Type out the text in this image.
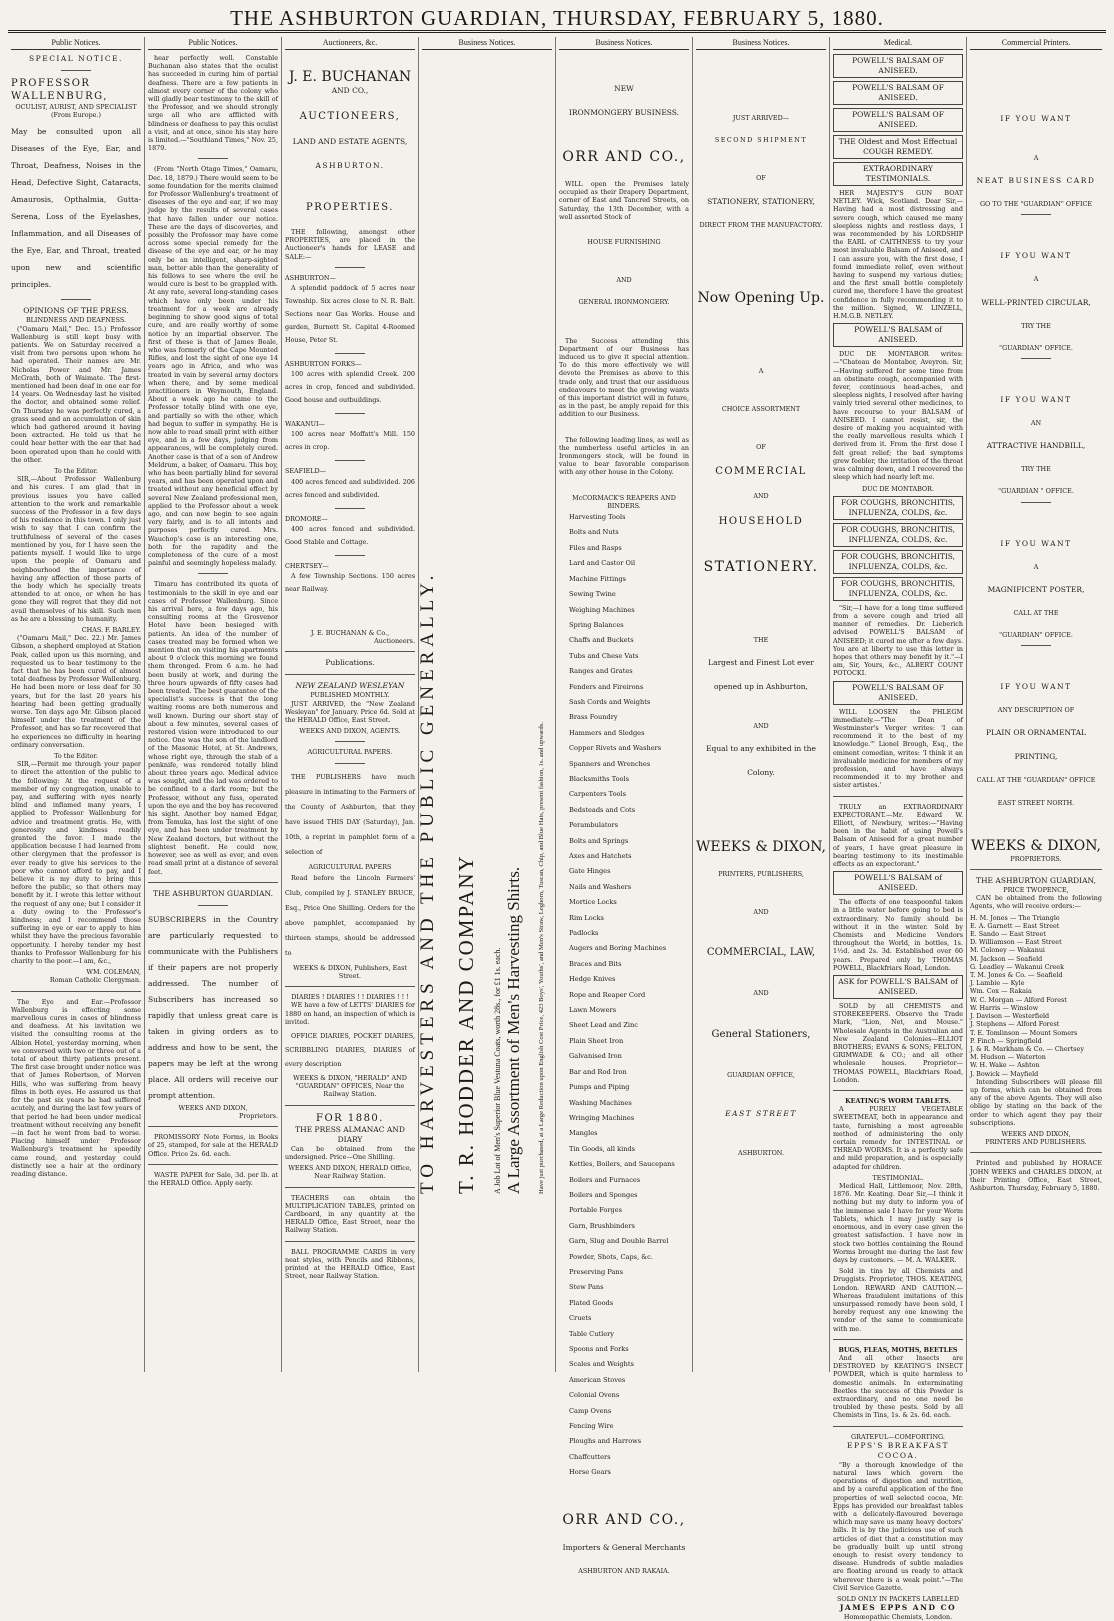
THE ASHBURTON GUARDIAN, THURSDAY, FEBRUARY 5, 1880.
Public Notices.
SPECIAL NOTICE.
PROFESSOR WALLENBURG,
OCULIST, AURIST, AND SPECIALIST
(From Europe.)
May be consulted upon all Diseases of the Eye, Ear, and Throat, Deafness, Noises in the Head, Defective Sight, Cataracts, Amaurosis, Opthalmia, Gutta-Serena, Loss of the Eyelashes, Inflammation, and all Diseases of the Eye, Ear, and Throat, treated upon new and scientific principles.
OPINIONS OF THE PRESS.
BLINDNESS AND DEAFNESS.

("Oamaru Mail," Dec. 15.) Professor Wallenburg is still kept busy with patients. We on Saturday received a visit from two persons upon whom he had operated. Their names are Mr. Nicholas Power and Mr. James McGrath, both of Waimate. The first-mentioned had been deaf in one ear for 14 years. On Wednesday last he visited the doctor, and obtained some relief. On Thursday he was perfectly cured, a grass seed and an accumulation of skin which had gathered around it having been extracted. He told us that he could hear better with the ear that had been operated upon than he could with the other.

To the Editor.

SIR,—About Professor Wallenburg and his cures. I am glad that in previous issues you have called attention to the work and remarkable success of the Professor in a few days of his residence in this town. I only just wish to say that I can confirm the truthfulness of several of the cases mentioned by you, for I have seen the patients myself. I would like to urge upon the people of Oamaru and neighbourhood the importance of having any affection of those parts of the body which he specially treats attended to at once, or when he has gone they will regret that they did not avail themselves of his skill. Such men as he are a blessing to humanity.

CHAS. F. BARLEY.

("Oamaru Mail," Dec. 22.) Mr. James Gibson, a shepherd employed at Station Peak, called upon us this morning, and requested us to bear testimony to the fact that he has been cured of almost total deafness by Professor Wallenburg. He had been more or less deaf for 30 years, but for the last 20 years his hearing had been getting gradually worse. Ten days ago Mr. Gibson placed himself under the treatment of the Professor, and has so far recovered that he experiences no difficulty in hearing ordinary conversation.

To the Editor.

SIR,—Permit me through your paper to direct the attention of the public to the following: At the request of a member of my congregation, unable to pay, and suffering with eyes nearly blind and inflamed many years, I applied to Professor Wallenburg for advice and treatment gratis. He, with generosity and kindness readily granted the favor. I made the application because I had learned from other clergymen that the professor is ever ready to give his services to the poor who cannot afford to pay, and I believe it is my duty to bring this before the public, so that others may benefit by it. I wrote this letter without the request of any one; but I consider it a duty owing to the Professor's kindness; and I recommend those suffering in eye or ear to apply to him whilst they have the precious favorable opportunity. I hereby tender my best thanks to Professor Wallenburg for his charity to the poor.—I am, &c.,

WM. COLEMAN,
Roman Catholic Clergyman.

The Eye and Ear.—Professor Wallenburg is effecting some marvellous cures in cases of blindness and deafness. At his invitation we visited the consulting rooms at the Albion Hotel, yesterday morning, when we conversed with two or three out of a total of about thirty patients present. The first case brought under notice was that of James Robertson, of Morven Hills, who was suffering from heavy films in both eyes. He assured us that for the past six years he had suffered acutely, and during the last few years of that period he had been under medical treatment without receiving any benefit—in fact he went from bad to worse. Placing himself under Professor Wallenburg's treatment he speedily came round, and yesterday could distinctly see a hair at the ordinary reading distance.

Public Notices.

hear perfectly well. Constable Buchanan also states that the oculist has succeeded in curing him of partial deafness. There are a few patients in almost every corner of the colony who will gladly bear testimony to the skill of the Professor, and we should strongly urge all who are afflicted with blindness or deafness to pay this oculist a visit, and at once, since his stay here is limited.—"Southland Times," Nov. 25, 1879.

(From "North Otago Times," Oamaru, Dec. 18, 1879.) There would seem to be some foundation for the merits claimed for Professor Wallenburg's treatment of diseases of the eye and ear, if we may judge by the results of several cases that have fallen under our notice. These are the days of discoveries, and possibly the Professor may have come across some special remedy for the disease of the eye and ear, or he may only be an intelligent, sharp-sighted man, better able than the generality of his fellows to see where the evil he would cure is best to be grappled with. At any rate, several long-standing cases which have only been under his treatment for a week are already beginning to show good signs of total cure, and are really worthy of some notice by an impartial observer. The first of these is that of James Beale, who was formerly of the Cape Mounted Rifles, and lost the sight of one eye 14 years ago in Africa, and who was treated in vain by several army doctors when there, and by some medical practitioners in Weymouth, England. About a week ago he came to the Professor totally blind with one eye, and partially so with the other, which had begun to suffer in sympathy. He is now able to read small print with either eye, and in a few days, judging from appearances, will be completely cured. Another case is that of a son of Andrew Meldrum, a baker, of Oamaru. This boy, who has been partially blind for several years, and has been operated upon and treated without any beneficial effect by several New Zealand professional men, applied to the Professor about a week ago, and can now begin to see again very fairly, and is to all intents and purposes perfectly cured. Mrs. Wauchop's case is an interesting one, both for the rapidity and the completeness of the cure of a most painful and seemingly hopeless malady.

Timaru has contributed its quota of testimonials to the skill in eye and ear cases of Professor Wallenburg. Since his arrival here, a few days ago, his consulting rooms at the Grosvenor Hotel have been besieged with patients. An idea of the number of cases treated may be formed when we mention that on visiting his apartments about 9 o'clock this morning we found them thronged. From 6 a.m. he had been busily at work, and during the three hours upwards of fifty cases had been treated. The best guarantee of the specialist's success is that the long waiting rooms are both numerous and well known. During our short stay of about a few minutes, several cases of restored vision were introduced to our notice. One was the son of the landlord of the Masonic Hotel, at St. Andrews, whose right eye, through the stab of a penknife, was rendered totally blind about three years ago. Medical advice was sought, and the lad was ordered to be confined to a dark room; but the Professor, without any fuss, operated upon the eye and the boy has recovered his sight. Another boy named Edgar, from Temuka, has lost the sight of one eye, and has been under treatment by New Zealand doctors, but without the slightest benefit. He could now, however, see as well as ever, and even read small print at a distance of several feet.

THE ASHBURTON GUARDIAN.
SUBSCRIBERS in the Country are particularly requested to communicate with the Publishers if their papers are not properly addressed. The number of Subscribers has increased so rapidly that unless great care is taken in giving orders as to address and how to be sent, the papers may be left at the wrong place. All orders will receive our prompt attention.
WEEKS AND DIXON,
Proprietors.

PROMISSORY Note Forms, in Books of 25, stamped, for sale at the HERALD Office. Price 2s. 6d. each.

WASTE PAPER for Sale, 3d. per lb. at the HERALD Office. Apply early.

Auctioneers, &c.
J. E. BUCHANAN
AND CO.,
AUCTIONEERS,
LAND AND ESTATE AGENTS,
ASHBURTON.
PROPERTIES.

THE following, amongst other PROPERTIES, are placed in the Auctioneer's hands for LEASE and SALE:—

ASHBURTON—

A splendid paddock of 5 acres near Township. Six acres close to N. R. Balt. Sections near Gas Works. House and garden, Burnett St. Capital 4-Roomed House, Peter St.

ASHBURTON FORKS—

100 acres with splendid Creek. 200 acres in crop, fenced and subdivided. Good house and outbuildings.

WAKANUI—

100 acres near Moffatt's Mill. 150 acres in crop.

SEAFIELD—

400 acres fenced and subdivided. 206 acres fenced and subdivided.

DROMORE—

400 acres fenced and subdivided. Good Stable and Cottage.

CHERTSEY—

A few Township Sections. 150 acres near Railway.

J. E. BUCHANAN & Co.,
Auctioneers.
Publications.
NEW ZEALAND WESLEYAN
PUBLISHED MONTHLY.

JUST ARRIVED, the "New Zealand Wesleyan" for January. Price 6d. Sold at the HERALD Office, East Street.

WEEKS AND DIXON, AGENTS.
AGRICULTURAL PAPERS.

THE PUBLISHERS have much pleasure in intimating to the Farmers of the County of Ashburton, that they have issued THIS DAY (Saturday), Jan. 10th, a reprint in pamphlet form of a selection of

AGRICULTURAL PAPERS

Read before the Lincoln Farmers' Club, compiled by J. STANLEY BRUCE, Esq., Price One Shilling. Orders for the above pamphlet, accompanied by thirteen stamps, should be addressed to

WEEKS & DIXON, Publishers, East Street.
DIARIES ! DIARIES ! ! DIARIES ! ! !

WE have a few of LETTS' DIARIES for 1880 on hand, an inspection of which is invited.

OFFICE DIARIES, POCKET DIARIES, SCRIBBLING DIARIES, DIARIES of every description

WEEKS & DIXON, "HERALD" AND "GUARDIAN" OFFICES, Near the Railway Station.
FOR 1880.
THE PRESS ALMANAC AND DIARY

Can be obtained from the undersigned. Price—One Shilling.

WEEKS AND DIXON, HERALD Office, Near Railway Station.

TEACHERS can obtain the MULTIPLICATION TABLES, printed on Cardboard, in any quantity at the HERALD Office, East Street, near the Railway Station.

BALL PROGRAMME CARDS in very neat styles, with Pencils and Ribbons, printed at the HERALD Office, East Street, near Railway Station.

Business Notices.
TO HARVESTERS AND THE PUBLIC GENERALLY. T. R. HODDER AND COMPANY A Job Lot of Men's Superior Blue Vestuna Coats, worth 28s., for £1 1s. each. A Large Assortment of Men's Harvesting Shirts. Have just purchased, at a Large Reduction upon English Cost Price, 423 Boys', Youths', and Men's Straw, Leghorn, Tuscan, Chip, and Blue Hats, present fashion, 1s. and upwards.
Business Notices.
NEW
IRONMONGERY BUSINESS.
ORR AND CO.,

WILL open the Premises lately occupied as their Drapery Department, corner of East and Tancred Streets, on Saturday, the 13th December, with a well assorted Stock of

HOUSE FURNISHING
AND
GENERAL IRONMONGERY.

The Success attending this Department of our Business has induced us to give it special attention. To do this more effectively we will devote the Premises as above to this trade only, and trust that our assiduous endeavours to meet the growing wants of this important district will in future, as in the past, be amply repaid for this addition to our Business.

The following leading lines, as well as the numberless useful articles in an Ironmongers stock, will be found in value to bear favorable comparison with any other house in the Colony.

McCORMACK'S REAPERS AND BINDERS.
Harvesting Tools
Bolts and Nuts
Files and Rasps
Lard and Castor Oil
Machine Fittings
Sewing Twine
Weighing Machines
Spring Balances
Chaffs and Buckets
Tubs and Chese Vats
Ranges and Grates
Fenders and Fireirons
Sash Cords and Weights
Brass Foundry
Hammers and Sledges
Copper Rivets and Washers
Spanners and Wrenches
Blacksmiths Tools
Carpenters Tools
Bedsteads and Cots
Perambulators
Bolts and Springs
Axes and Hatchets
Gate Hinges
Nails and Washers
Mortice Locks
Rim Locks
Padlocks
Augers and Boring Machines
Braces and Bits
Hedge Knives
Rope and Reaper Cord
Lawn Mowers
Sheet Lead and Zinc
Plain Sheet Iron
Galvanised Iron
Bar and Rod Iron
Pumps and Piping
Washing Machines
Wringing Machines
Mangles
Tin Goods, all kinds
Kettles, Boilers, and Saucepans
Boilers and Furnaces
Boilers and Sponges
Portable Forges
Garn, Brushbinders
Garn, Slug and Double Barrel
Powder, Shots, Caps, &c.
Preserving Pans
Stew Pans
Plated Goods
Cruets
Table Cutlery
Spoons and Forks
Scales and Weights
American Stoves
Colonial Ovens
Camp Ovens
Fencing Wire
Ploughs and Harrows
Chaffcutters
Horse Gears
ORR AND CO.,
Importers & General Merchants
ASHBURTON AND RAKAIA.
Business Notices.
JUST ARRIVED—
SECOND SHIPMENT
OF
STATIONERY, STATIONERY,
DIRECT FROM THE MANUFACTORY.
Now Opening Up.
A
CHOICE ASSORTMENT
OF
COMMERCIAL
AND
HOUSEHOLD
STATIONERY.
THE
Largest and Finest Lot ever
opened up in Ashburton,
AND
Equal to any exhibited in the
Colony.
WEEKS & DIXON,
PRINTERS, PUBLISHERS,
AND
COMMERCIAL, LAW,
AND
General Stationers,
GUARDIAN OFFICE,
EAST STREET
ASHBURTON.
Medical.
POWELL'S BALSAM OF ANISEED.
POWELL'S BALSAM OF ANISEED.
POWELL'S BALSAM OF ANISEED.
THE Oldest and Most Effectual COUGH REMEDY.
EXTRAORDINARY TESTIMONIALS.

HER MAJESTY'S GUN BOAT NETLEY. Wick, Scotland. Dear Sir,—Having had a most distressing and severe cough, which caused me many sleepless nights and restless days, I was recommended by his LORDSHIP the EARL of CAITHNESS to try your most invaluable Balsam of Aniseed, and I can assure you, with the first dose, I found immediate relief, even without having to suspend my various duties; and the first small bottle completely cured me, therefore I have the greatest confidence in fully recommending it to the million. Signed, W. LINZELL, H.M.G.B. NETLEY.

POWELL'S BALSAM of ANISEED.

DUC DE MONTABOR writes:—"Chateau de Montabor, Aveyron. Sir,—Having suffered for some time from an obstinate cough, accompanied with fever, continuous head-aches, and sleepless nights, I resolved after having vainly tried several other medicines, to have recourse to your BALSAM of ANISEED. I cannot resist, sir, the desire of making you acquainted with the really marvellous results which I derived from it. From the first dose I felt great relief; the bad symptoms grew feebler, the irritation of the throat was calming down, and I recovered the sleep which had nearly left me.

DUC DE MONTABOR.
FOR COUGHS, BRONCHITIS, INFLUENZA, COLDS, &c.
FOR COUGHS, BRONCHITIS, INFLUENZA, COLDS, &c.
FOR COUGHS, BRONCHITIS, INFLUENZA, COLDS, &c.
FOR COUGHS, BRONCHITIS, INFLUENZA, COLDS, &c.

"Sir,—I have for a long time suffered from a severe cough and tried all manner of remedies. Dr. Lieberich advised POWELL'S BALSAM of ANISEED; it cured me after a few days. You are at liberty to use this letter in hopes that others may benefit by it."—I am, Sir, Yours, &c., ALBERT COUNT POTOCKI.

POWELL'S BALSAM OF ANISEED.

WILL LOOSEN the PHLEGM immediately.—"The Dean of Westminster's Verger writes: 'I can recommend it to the best of my knowledge.'" Lionel Brough, Esq., the eminent comedian, writes: 'I think it an invaluable medicine for members of my profession, and have always recommended it to my brother and sister artistes.'

TRULY an EXTRAORDINARY EXPECTORANT.—Mr. Edward W. Elliott, of Newbury, writes:—"Having been in the habit of using Powell's Balsam of Aniseed for a great number of years, I have great pleasure in bearing testimony to its inestimable effects as an expectorant."

POWELL'S BALSAM of ANISEED.

The effects of one teaspoonful taken in a little water before going to bed is extraordinary. No family should be without it in the winter. Sold by Chemists and Medicine Vendors throughout the World, in bottles, 1s. 1½d. and 2s. 3d. Established over 60 years. Prepared only by THOMAS POWELL, Blackfriars Road, London.

ASK for POWELL'S BALSAM of ANISEED.

SOLD by all CHEMISTS and STOREKEEPERS. Observe the Trade Mark, "Lion, Net, and Mouse." Wholesale Agents in the Australian and New Zealand Colonies—ELLIOT BROTHERS; EVANS & SONS; FELTON, GRIMWADE & CO.; and all other wholesale houses. Proprietor—THOMAS POWELL, Blackfriars Road, London.

KEATING'S WORM TABLETS.

A PURELY VEGETABLE SWEETMEAT, both in appearance and taste, furnishing a most agreeable method of administering the only certain remedy for INTESTINAL or THREAD WORMS. It is a perfectly safe and mild preparation, and is especially adapted for children.

TESTIMONIAL.

Medical Hall, Littlemoor, Nov. 28th, 1876. Mr. Keating. Dear Sir,—I think it nothing but my duty to inform you of the immense sale I have for your Worm Tablets, which I may justly say is enormous, and in every case given the greatest satisfaction. I have now in stock two bottles containing the Round Worms brought me during the last few days by customers. — M. A. WALKER.

Sold in tins by all Chemists and Druggists. Proprietor, THOS. KEATING, London. REWARD AND CAUTION.—Whereas fraudulent imitations of this unsurpassed remedy have been sold, I hereby request any one knowing the vendor of the same to communicate with me.

BUGS, FLEAS, MOTHS, BEETLES

And all other Insects are DESTROYED by KEATING'S INSECT POWDER, which is quite harmless to domestic animals. In exterminating Beetles the success of this Powder is extraordinary, and no one need be troubled by these pests. Sold by all Chemists in Tins, 1s. & 2s. 6d. each.

GRATEFUL—COMFORTING.
EPPS'S BREAKFAST COCOA.

"By a thorough knowledge of the natural laws which govern the operations of digestion and nutrition, and by a careful application of the fine properties of well selected cocoa, Mr. Epps has provided our breakfast tables with a delicately-flavoured beverage which may save us many heavy doctors' bills. It is by the judicious use of such articles of diet that a constitution may be gradually built up until strong enough to resist every tendency to disease. Hundreds of subtle maladies are floating around us ready to attack wherever there is a weak point."—The Civil Service Gazette.

SOLD ONLY IN PACKETS LABELLED
JAMES EPPS AND CO
Homœopathic Chemists, London.
Commercial Printers.
IF YOU WANT
A
NEAT BUSINESS CARD
GO TO THE "GUARDIAN" OFFICE
IF YOU WANT
A
WELL-PRINTED CIRCULAR,
TRY THE
"GUARDIAN" OFFICE.
IF YOU WANT
AN
ATTRACTIVE HANDBILL,
TRY THE
"GUARDIAN " OFFICE.
IF YOU WANT
A
MAGNIFICENT POSTER,
CALL AT THE
"GUARDIAN" OFFICE.
IF YOU WANT
ANY DESCRIPTION OF
PLAIN OR ORNAMENTAL
PRINTING,
CALL AT THE "GUARDIAN" OFFICE
EAST STREET NORTH.
WEEKS & DIXON,
PROPRIETORS.
THE ASHBURTON GUARDIAN,
PRICE TWOPENCE,

CAN be obtained from the following Agents, who will receive orders:—

H. M. Jones — The Triangle
E. A. Garnett — East Street
E. Sando — East Street
D. Williamson — East Street
M. Coloney — Wakanui
M. Jackson — Seafield
G. Leadley — Wakanui Creek
T. M. Jones & Co. — Seafield
J. Lambie — Kyle
Wm. Cox — Rakaia
W. C. Morgan — Alford Forest
W. Harris — Winslow
J. Davison — Westerfield
J. Stephens — Alford Forest
T. E. Tomlinson — Mount Somers
P. Finch — Springfield
J. & R. Markham & Co. — Chertsey
M. Hudson — Waterton
W. H. Wake — Ashton
J. Bowick — Mayfield

Intending Subscribers will please fill up forms, which can be obtained from any of the above Agents. They will also oblige by stating on the back of the order to which agent they pay their subscriptions.

WEEKS AND DIXON,
PRINTERS AND PUBLISHERS.

Printed and published by HORACE JOHN WEEKS and CHARLES DIXON, at their Printing Office, East Street, Ashburton. Thursday, February 5, 1880.
